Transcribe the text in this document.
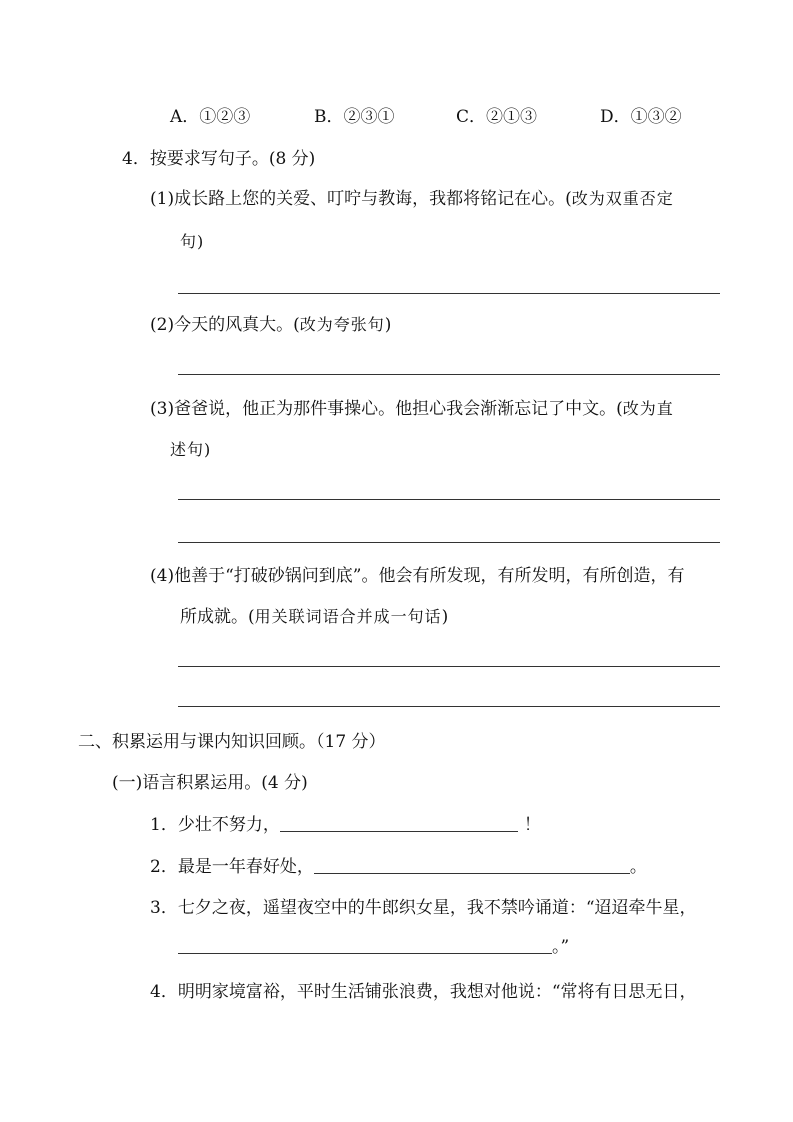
A．①②③	B．②③①	C．②①③	D．①③②
4．按要求写句子。(8 分)
(1)成长路上您的关爱、叮咛与教诲，我都将铭记在心。(改为双重否定
句)
(2)今天的风真大。(改为夸张句)
(3)爸爸说，他正为那件事操心。他担心我会渐渐忘记了中文。(改为直
述句)
(4)他善于“打破砂锅问到底”。他会有所发现，有所发明，有所创造，有
所成就。(用关联词语合并成一句话)
二、积累运用与课内知识回顾。（17 分）
(一)语言积累运用。(4 分)
1．少壮不努力，	！
2．最是一年春好处，	。
3．七夕之夜，遥望夜空中的牛郎织女星，我不禁吟诵道：“迢迢牵牛星，
。”
4．明明家境富裕，平时生活铺张浪费，我想对他说：“常将有日思无日，
